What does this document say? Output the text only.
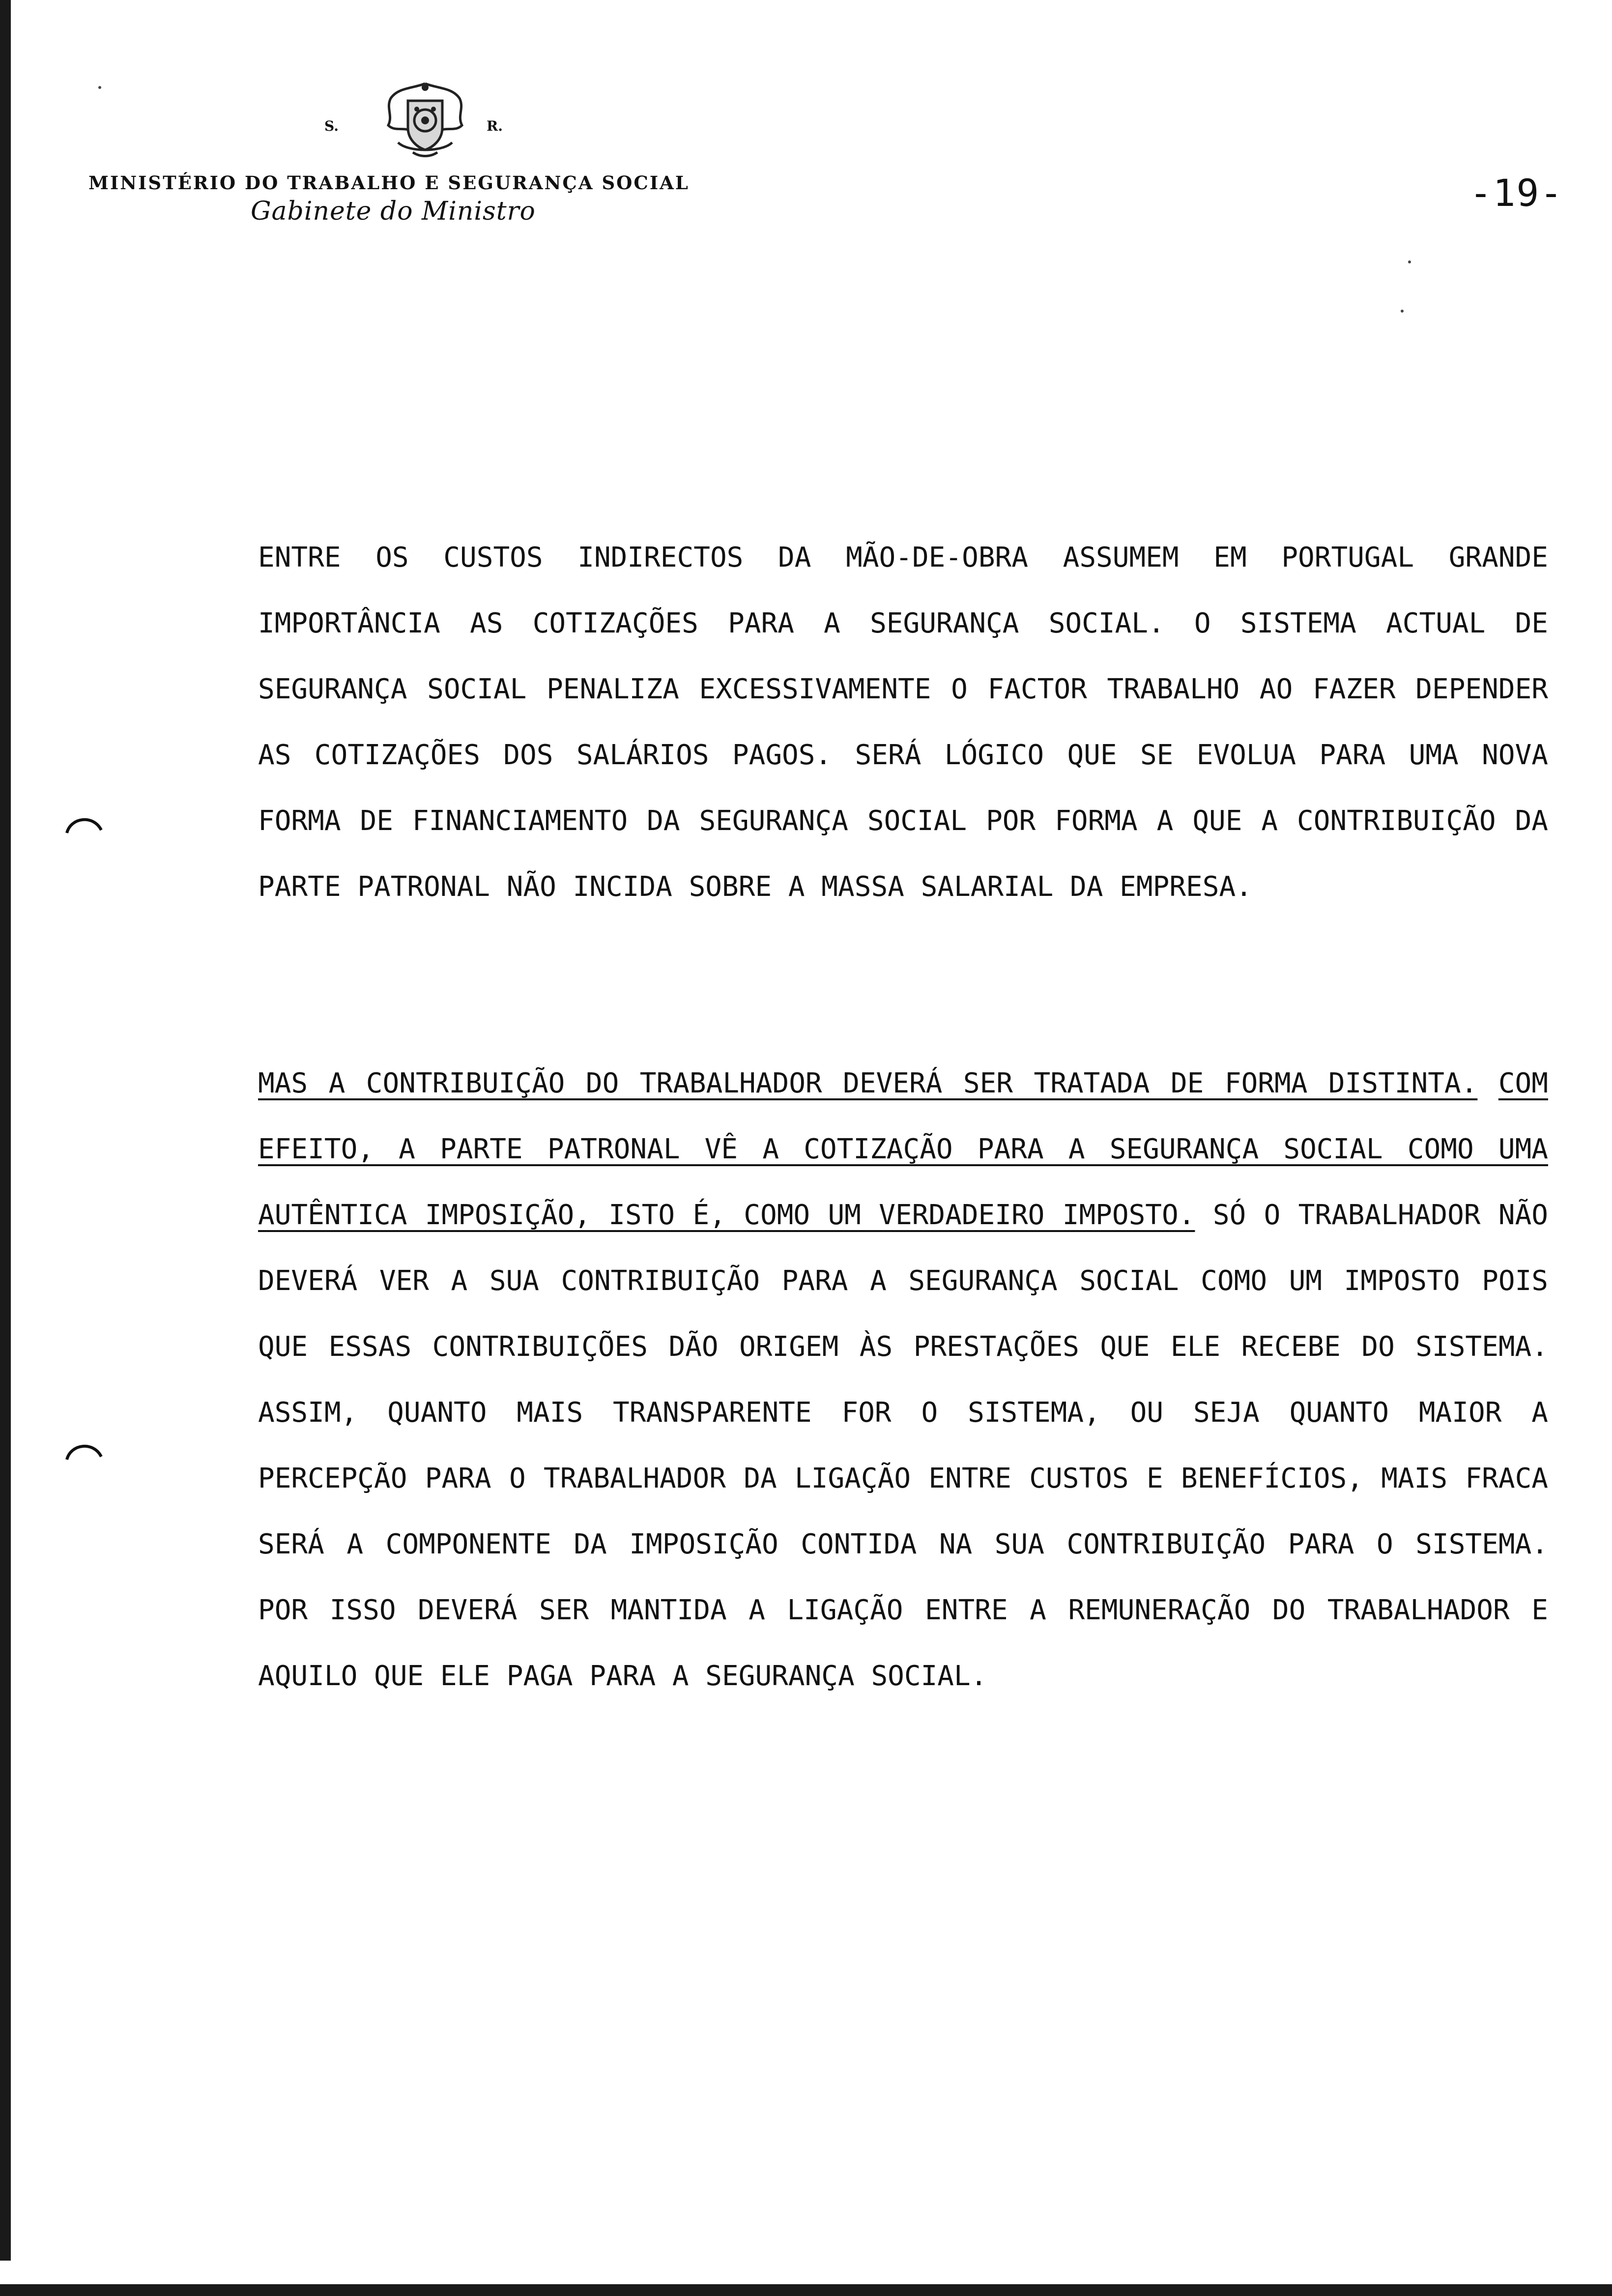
S.	R.
MINISTÉRIO DO TRABALHO E SEGURANÇA SOCIAL
Gabinete do Ministro	-19-
ENTRE OS CUSTOS INDIRECTOS DA MÃO-DE-OBRA ASSUMEM EM PORTUGAL GRANDE IMPORTÂNCIA AS COTIZAÇÕES PARA A SEGURANÇA SOCIAL. O SISTEMA ACTUAL DE SEGURANÇA SOCIAL PENALIZA EXCESSIVAMENTE O FACTOR TRABALHO AO FAZER DEPENDER AS COTIZAÇÕES DOS SALÁRIOS PAGOS. SERÁ LÓGICO QUE SE EVOLUA PARA UMA NOVA FORMA DE FINANCIAMENTO DA SEGURANÇA SOCIAL POR FORMA A QUE A CONTRIBUIÇÃO DA PARTE PATRONAL NÃO INCIDA SOBRE A MASSA SALARIAL DA EMPRESA.
MAS A CONTRIBUIÇÃO DO TRABALHADOR DEVERÁ SER TRATADA DE FORMA DISTINTA. COM EFEITO, A PARTE PATRONAL VÊ A COTIZAÇÃO PARA A SEGURANÇA SOCIAL COMO UMA AUTÊNTICA IMPOSIÇÃO, ISTO É, COMO UM VERDADEIRO IMPOSTO. SÓ O TRABALHADOR NÃO DEVERÁ VER A SUA CONTRIBUIÇÃO PARA A SEGURANÇA SOCIAL COMO UM IMPOSTO POIS QUE ESSAS CONTRIBUIÇÕES DÃO ORIGEM ÀS PRESTAÇÕES QUE ELE RECEBE DO SISTEMA. ASSIM, QUANTO MAIS TRANSPARENTE FOR O SISTEMA, OU SEJA QUANTO MAIOR A PERCEPÇÃO PARA O TRABALHADOR DA LIGAÇÃO ENTRE CUSTOS E BENEFÍCIOS, MAIS FRACA SERÁ A COMPONENTE DA IMPOSIÇÃO CONTIDA NA SUA CONTRIBUIÇÃO PARA O SISTEMA. POR ISSO DEVERÁ SER MANTIDA A LIGAÇÃO ENTRE A REMUNERAÇÃO DO TRABALHADOR E AQUILO QUE ELE PAGA PARA A SEGURANÇA SOCIAL.
